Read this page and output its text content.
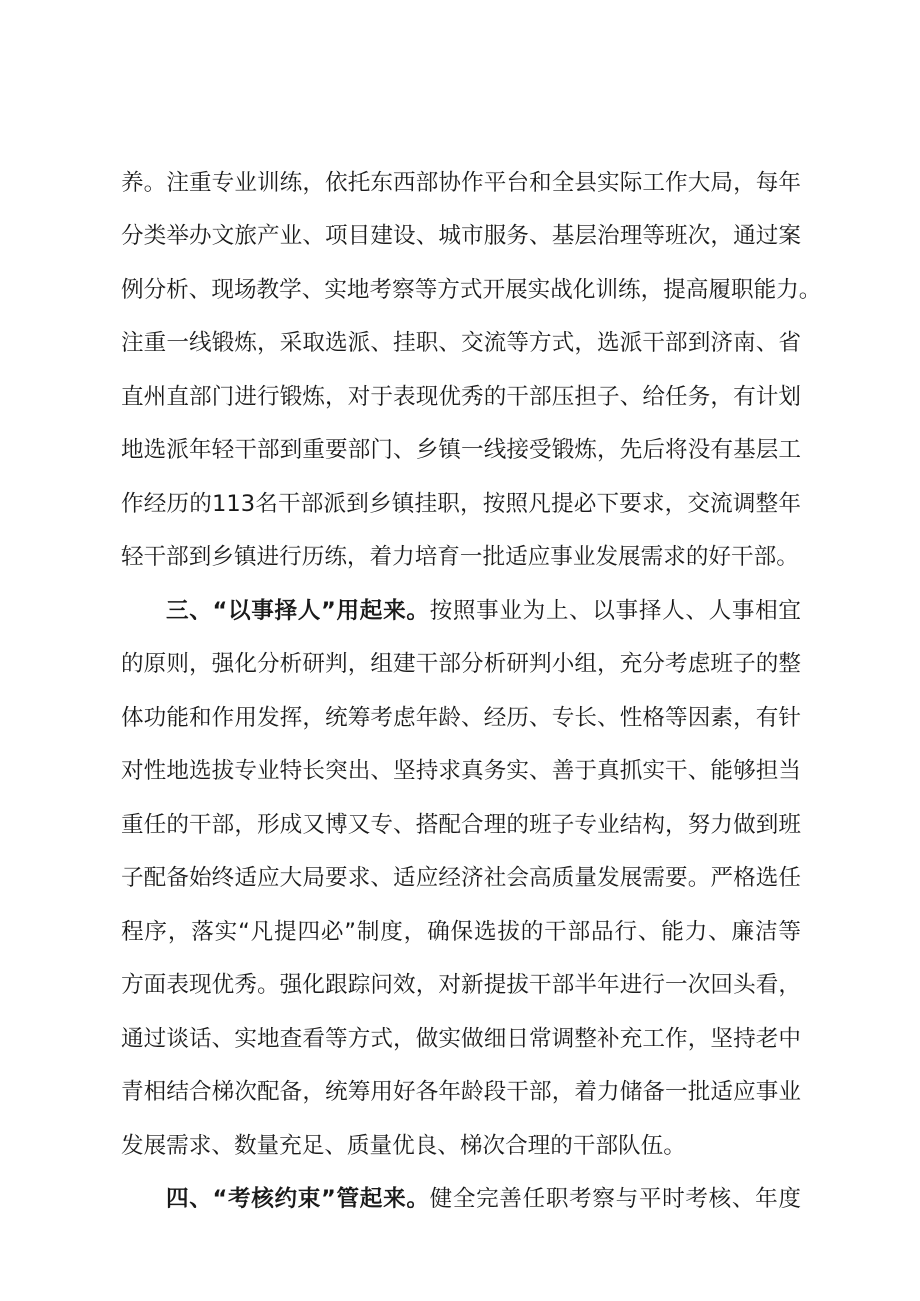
养。注重专业训练，依托东西部协作平台和全县实际工作大局，每年
分类举办文旅产业、项目建设、城市服务、基层治理等班次，通过案
例分析、现场教学、实地考察等方式开展实战化训练，提高履职能力。
注重一线锻炼，采取选派、挂职、交流等方式，选派干部到济南、省
直州直部门进行锻炼，对于表现优秀的干部压担子、给任务，有计划
地选派年轻干部到重要部门、乡镇一线接受锻炼，先后将没有基层工
作经历的113名干部派到乡镇挂职，按照凡提必下要求，交流调整年
轻干部到乡镇进行历练，着力培育一批适应事业发展需求的好干部。
三、“以事择人”用起来。按照事业为上、以事择人、人事相宜
的原则，强化分析研判，组建干部分析研判小组，充分考虑班子的整
体功能和作用发挥，统筹考虑年龄、经历、专长、性格等因素，有针
对性地选拔专业特长突出、坚持求真务实、善于真抓实干、能够担当
重任的干部，形成又博又专、搭配合理的班子专业结构，努力做到班
子配备始终适应大局要求、适应经济社会高质量发展需要。严格选任
程序，落实“凡提四必”制度，确保选拔的干部品行、能力、廉洁等
方面表现优秀。强化跟踪问效，对新提拔干部半年进行一次回头看，
通过谈话、实地查看等方式，做实做细日常调整补充工作，坚持老中
青相结合梯次配备，统筹用好各年龄段干部，着力储备一批适应事业
发展需求、数量充足、质量优良、梯次合理的干部队伍。
四、“考核约束”管起来。健全完善任职考察与平时考核、年度
